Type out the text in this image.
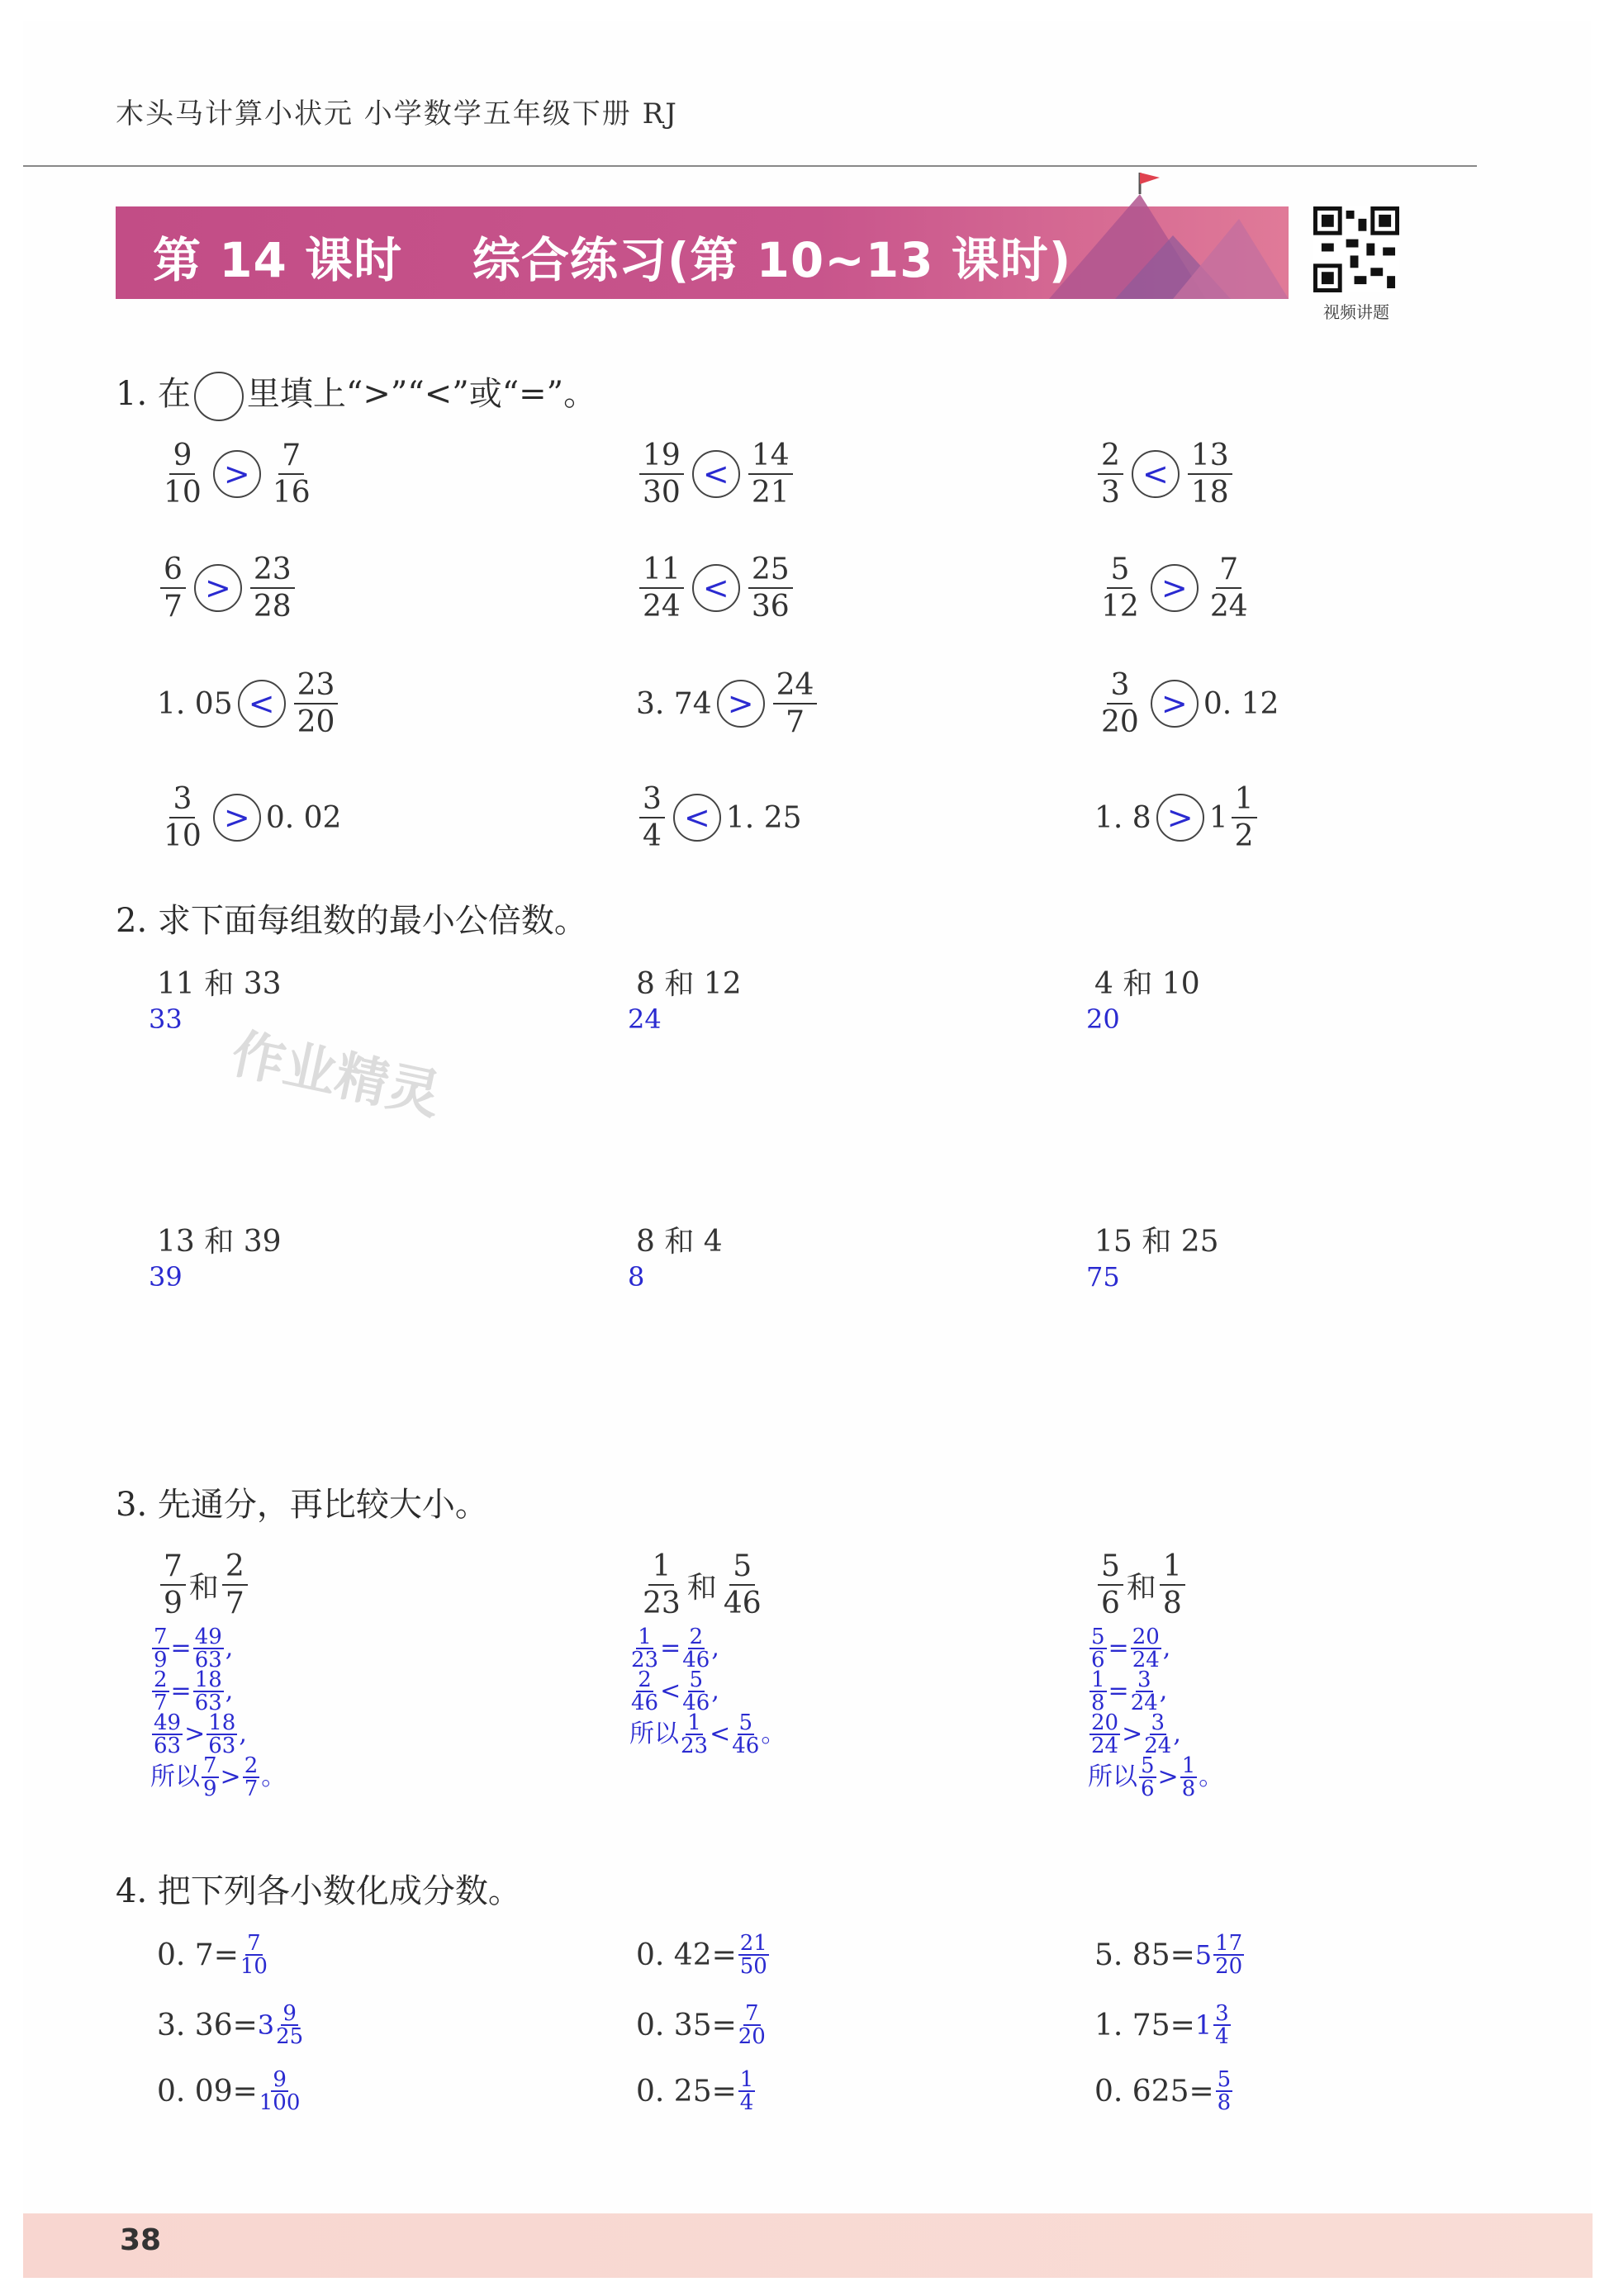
木头马计算小状元 小学数学五年级下册 RJ
第 14 课时    综合练习(第 10~13 课时)
视频讲题
1. 在 里填上“>”“<”或“=”。
$\frac{9}{10} > \frac{7}{16}$	$\frac{19}{30} < \frac{14}{21}$	$\frac{2}{3} < \frac{13}{18}$
$\frac{6}{7} > \frac{23}{28}$	$\frac{11}{24} < \frac{25}{36}$	$\frac{5}{12} > \frac{7}{24}$
1. $05 < \frac{23}{20}$	3. $74 > \frac{24}{7}$	$\frac{3}{20} > 0$. 12
$\frac{3}{10} > 0$. 02	$\frac{3}{4} < 1$. 25	1. $8 > 1 \frac{1}{2}$
2. 求下面每组数的最小公倍数。
11 和 33
33
8 和 12
24
4 和 10
20
13 和 39
39
8 和 4
8
15 和 25
75
作业精灵
3. 先通分，再比较大小。
$\frac{7}{9}$ 和 $\frac{2}{7}$
$\frac{7}{9} = \frac{49}{63}$ ,
$\frac{2}{7} = \frac{18}{63}$ ,
$\frac{49}{63} > \frac{18}{63}$ ,
所以 $\frac{7}{9} > \frac{2}{7}$ 。
$\frac{1}{23}$ 和 $\frac{5}{46}$
$\frac{1}{23} = \frac{2}{46}$ ,
$\frac{2}{46} < \frac{5}{46}$ ,
所以 $\frac{1}{23} < \frac{5}{46}$ 。
$\frac{5}{6}$ 和 $\frac{1}{8}$
$\frac{5}{6} = \frac{20}{24}$ ,
$\frac{1}{8} = \frac{3}{24}$ ,
$\frac{20}{24} > \frac{3}{24}$ ,
所以 $\frac{5}{6} > \frac{1}{8}$ 。
4. 把下列各小数化成分数。
0. $7= \frac{7}{10}$	0. $42= \frac{21}{50}$	5. $85= 5 \frac{17}{20}$
3. $36= 3 \frac{9}{25}$	0. $35= \frac{7}{20}$	1. $75= 1 \frac{3}{4}$
0. $09= \frac{9}{100}$	0. $25= \frac{1}{4}$	0. $625= \frac{5}{8}$
38
